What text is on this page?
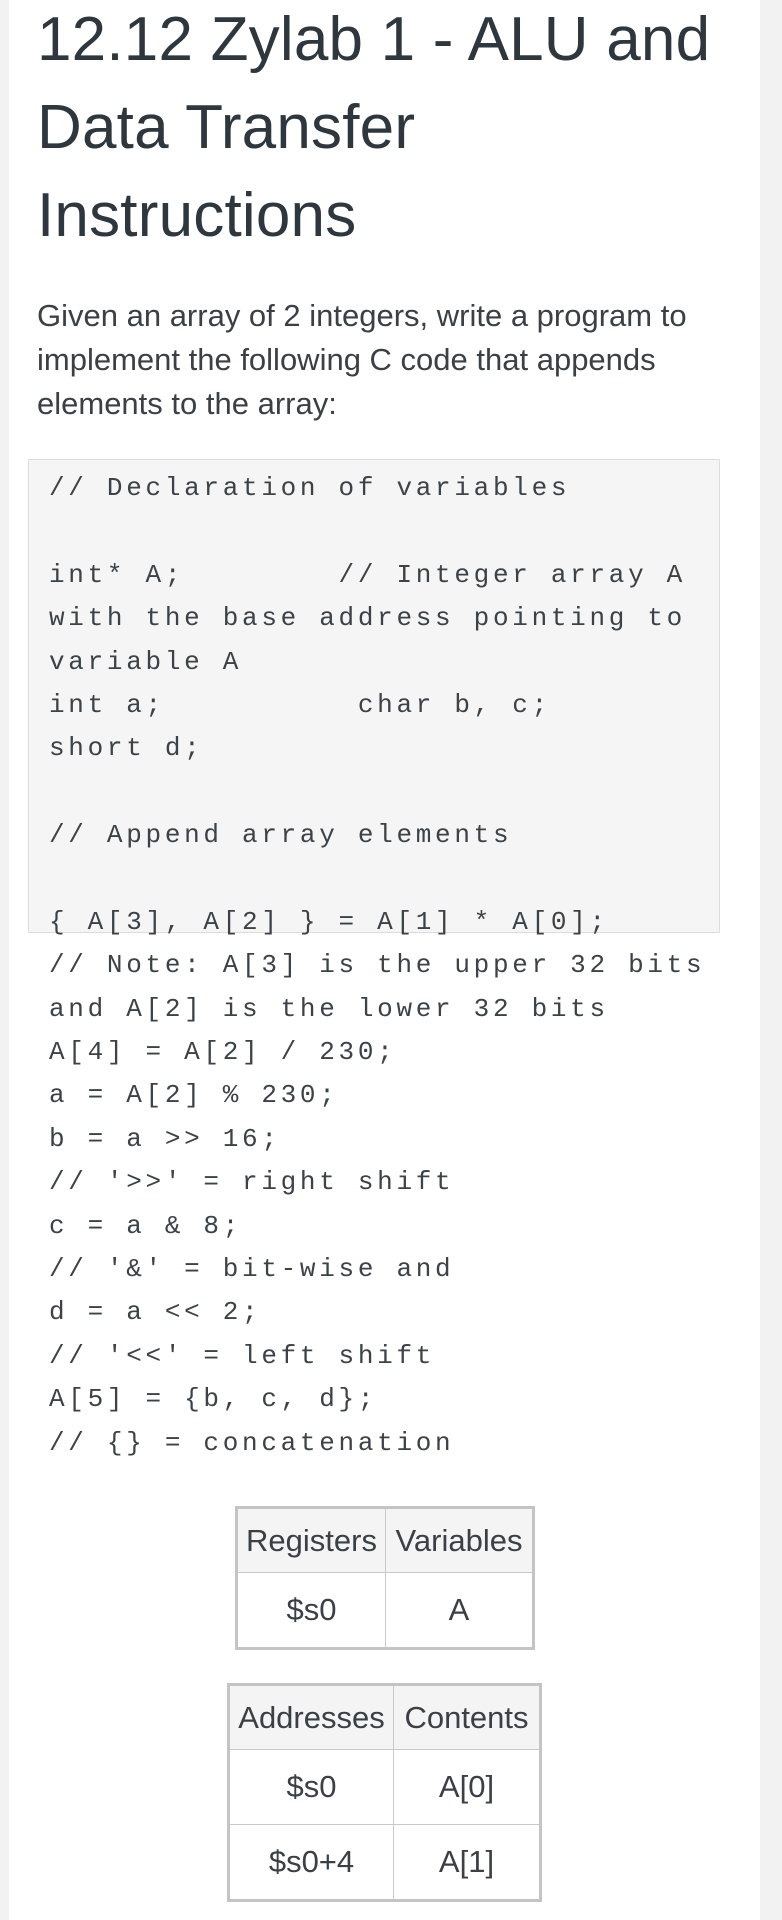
12.12 Zylab 1 - ALU and Data Transfer Instructions

Given an array of 2 integers, write a program to implement the following C code that appends elements to the array:

// Declaration of variables
int* A;        // Integer array A
with the base address pointing to
variable A
int a;          char b, c;
short d;
// Append array elements
{ A[3], A[2] } = A[1] * A[0];
// Note: A[3] is the upper 32 bits
and A[2] is the lower 32 bits
A[4] = A[2] / 230;
a = A[2] % 230;
b = a >> 16;
// '>>' = right shift
c = a & 8;
// '&' = bit-wise and
d = a << 2;
// '<<' = left shift
A[5] = {b, c, d};
// {} = concatenation
Registers	Variables
$s0	A
Addresses	Contents
$s0	A[0]
$s0+4	A[1]
